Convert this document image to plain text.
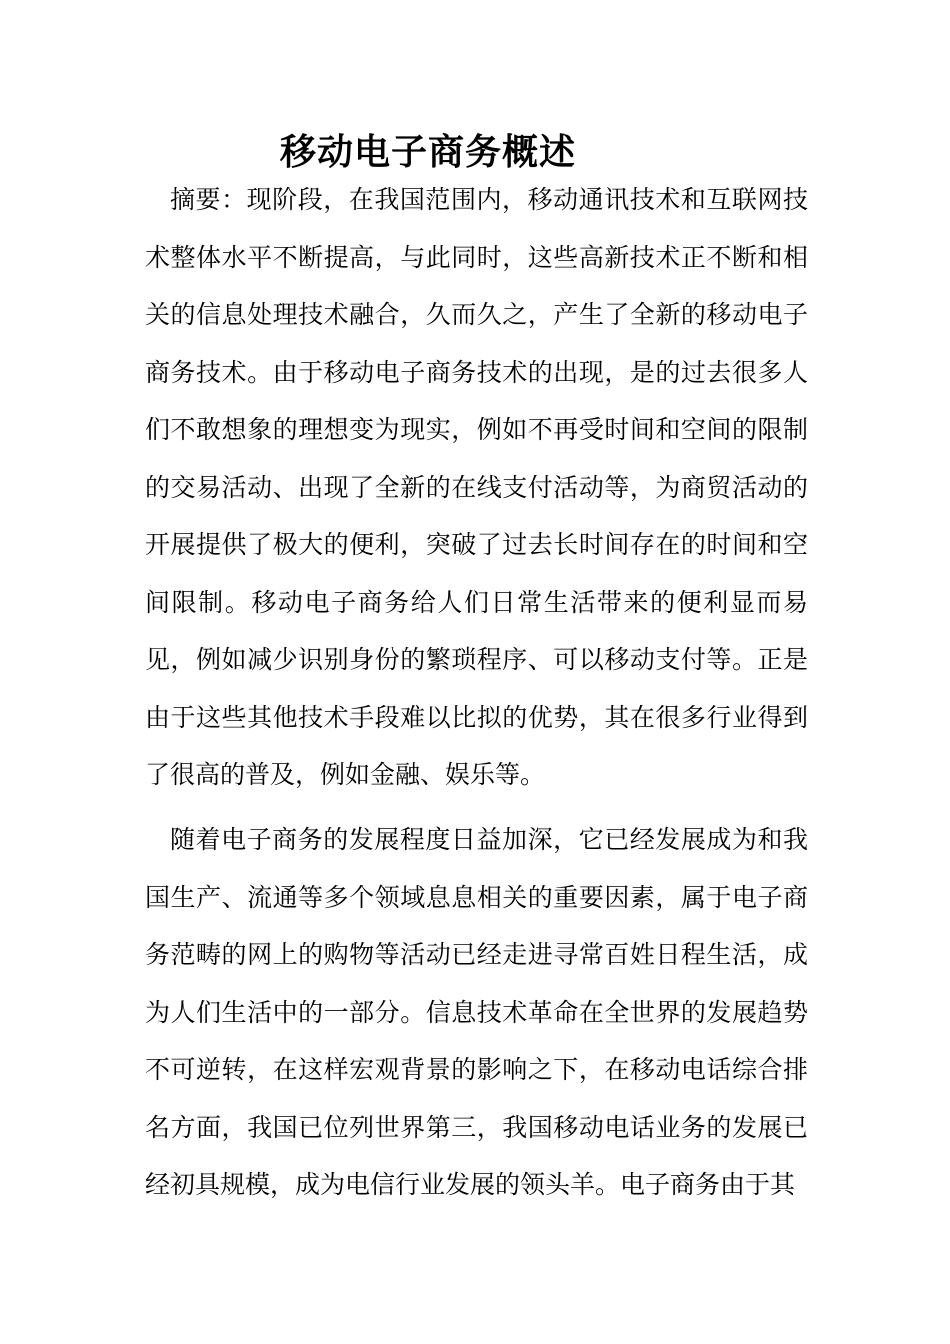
移动电子商务概述

摘要：现阶段，在我国范围内，移动通讯技术和互联网技术整体水平不断提高，与此同时，这些高新技术正不断和相关的信息处理技术融合，久而久之，产生了全新的移动电子商务技术。由于移动电子商务技术的出现，是的过去很多人们不敢想象的理想变为现实，例如不再受时间和空间的限制的交易活动、出现了全新的在线支付活动等，为商贸活动的开展提供了极大的便利，突破了过去长时间存在的时间和空间限制。移动电子商务给人们日常生活带来的便利显而易见，例如减少识别身份的繁琐程序、可以移动支付等。正是由于这些其他技术手段难以比拟的优势，其在很多行业得到了很高的普及，例如金融、娱乐等。

随着电子商务的发展程度日益加深，它已经发展成为和我国生产、流通等多个领域息息相关的重要因素，属于电子商务范畴的网上的购物等活动已经走进寻常百姓日程生活，成为人们生活中的一部分。信息技术革命在全世界的发展趋势不可逆转，在这样宏观背景的影响之下，在移动电话综合排名方面，我国已位列世界第三，我国移动电话业务的发展已经初具规模，成为电信行业发展的领头羊。电子商务由于其
